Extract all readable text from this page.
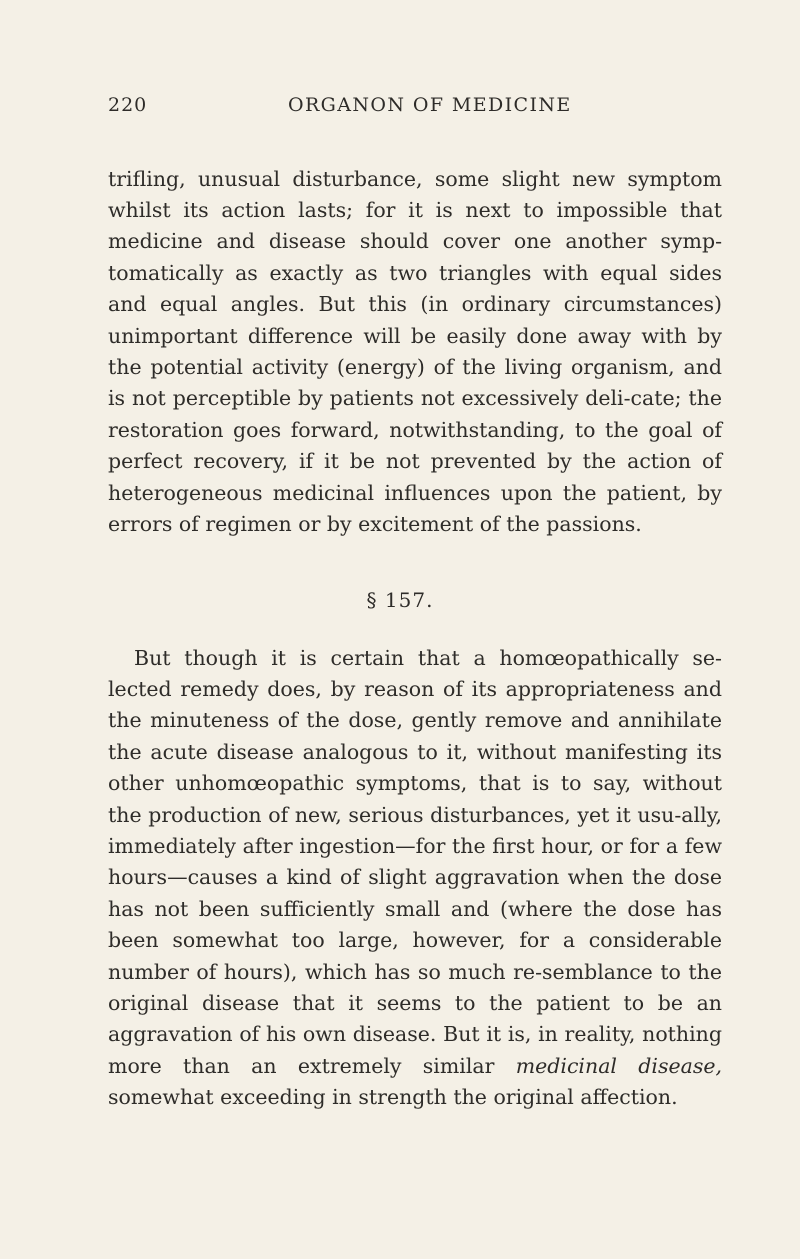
220	ORGANON OF MEDICINE

trifling, unusual disturbance, some slight new symptom whilst its action lasts; for it is next to impossible that medicine and disease should cover one another symp-tomatically as exactly as two triangles with equal sides and equal angles. But this (in ordinary circumstances) unimportant difference will be easily done away with by the potential activity (energy) of the living organism, and is not perceptible by patients not excessively deli-cate; the restoration goes forward, notwithstanding, to the goal of perfect recovery, if it be not prevented by the action of heterogeneous medicinal influences upon the patient, by errors of regimen or by excitement of the passions.

§ 157.

But though it is certain that a homœopathically se-lected remedy does, by reason of its appropriateness and the minuteness of the dose, gently remove and annihilate the acute disease analogous to it, without manifesting its other unhomœopathic symptoms, that is to say, without the production of new, serious disturbances, yet it usu-ally, immediately after ingestion—for the first hour, or for a few hours—causes a kind of slight aggravation when the dose has not been sufficiently small and (where the dose has been somewhat too large, however, for a considerable number of hours), which has so much re-semblance to the original disease that it seems to the patient to be an aggravation of his own disease. But it is, in reality, nothing more than an extremely similar medicinal disease, somewhat exceeding in strength the original affection.
